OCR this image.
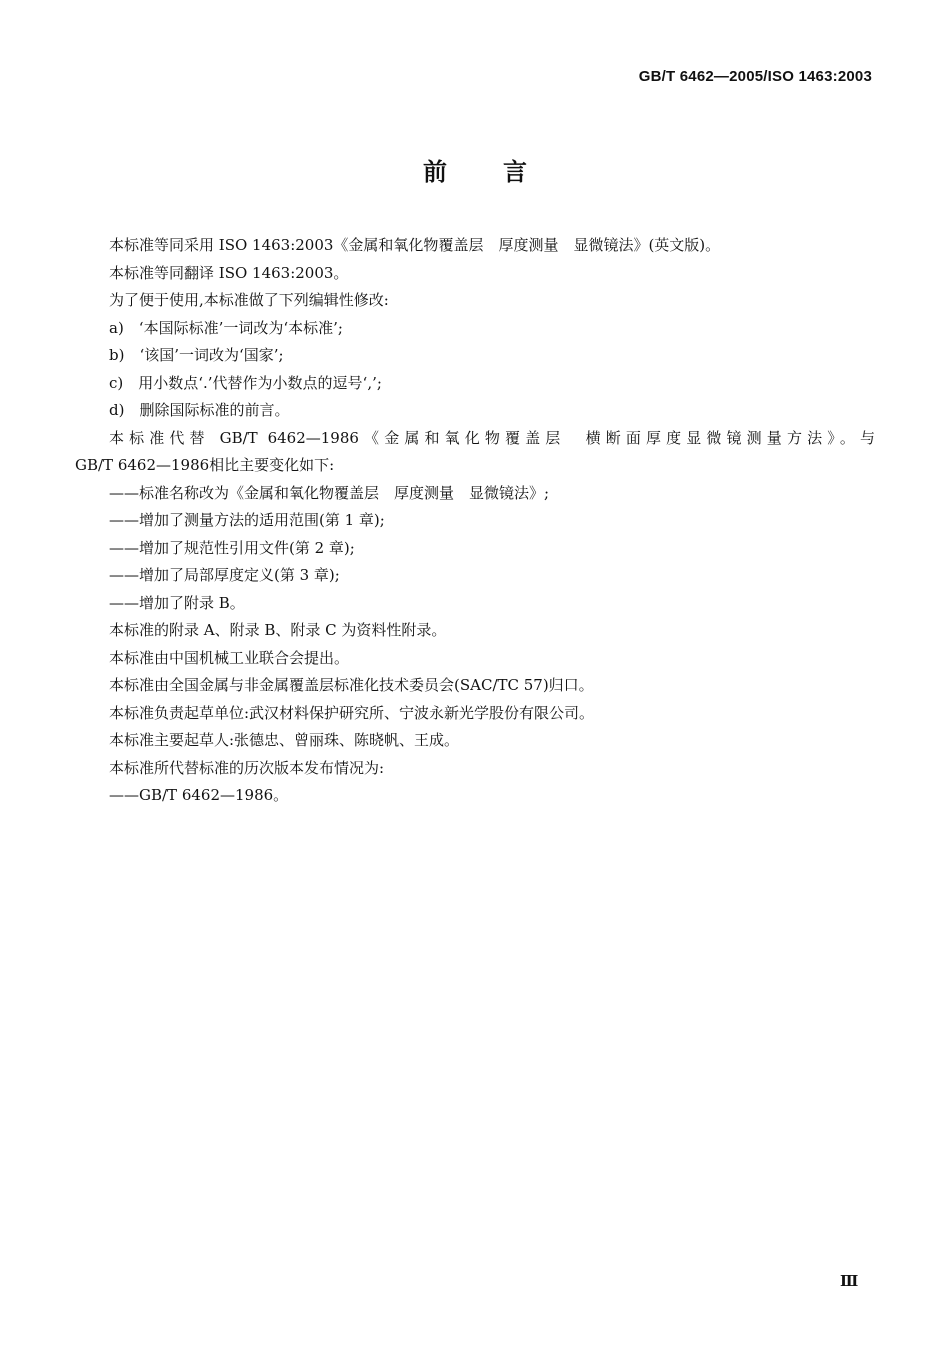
GB/T 6462—2005/ISO 1463:2003
前言
本标准等同采用 ISO 1463:2003《金属和氧化物覆盖层　厚度测量　显微镜法》(英文版)。
本标准等同翻译 ISO 1463:2003。
为了便于使用,本标准做了下列编辑性修改:
a)　‘本国际标准’一词改为‘本标准’;
b)　‘该国’一词改为‘国家’;
c)　用小数点‘.’代替作为小数点的逗号‘,’;
d)　删除国际标准的前言。
本标准代替 GB/T 6462—1986《金属和氧化物覆盖层　横断面厚度显微镜测量方法》。与
GB/T 6462—1986相比主要变化如下:
——标准名称改为《金属和氧化物覆盖层　厚度测量　显微镜法》;
——增加了测量方法的适用范围(第 1 章);
——增加了规范性引用文件(第 2 章);
——增加了局部厚度定义(第 3 章);
——增加了附录 B。
本标准的附录 A、附录 B、附录 C 为资料性附录。
本标准由中国机械工业联合会提出。
本标准由全国金属与非金属覆盖层标准化技术委员会(SAC/TC 57)归口。
本标准负责起草单位:武汉材料保护研究所、宁波永新光学股份有限公司。
本标准主要起草人:张德忠、曾丽珠、陈晓帆、王成。
本标准所代替标准的历次版本发布情况为:
——GB/T 6462—1986。
Ⅲ
